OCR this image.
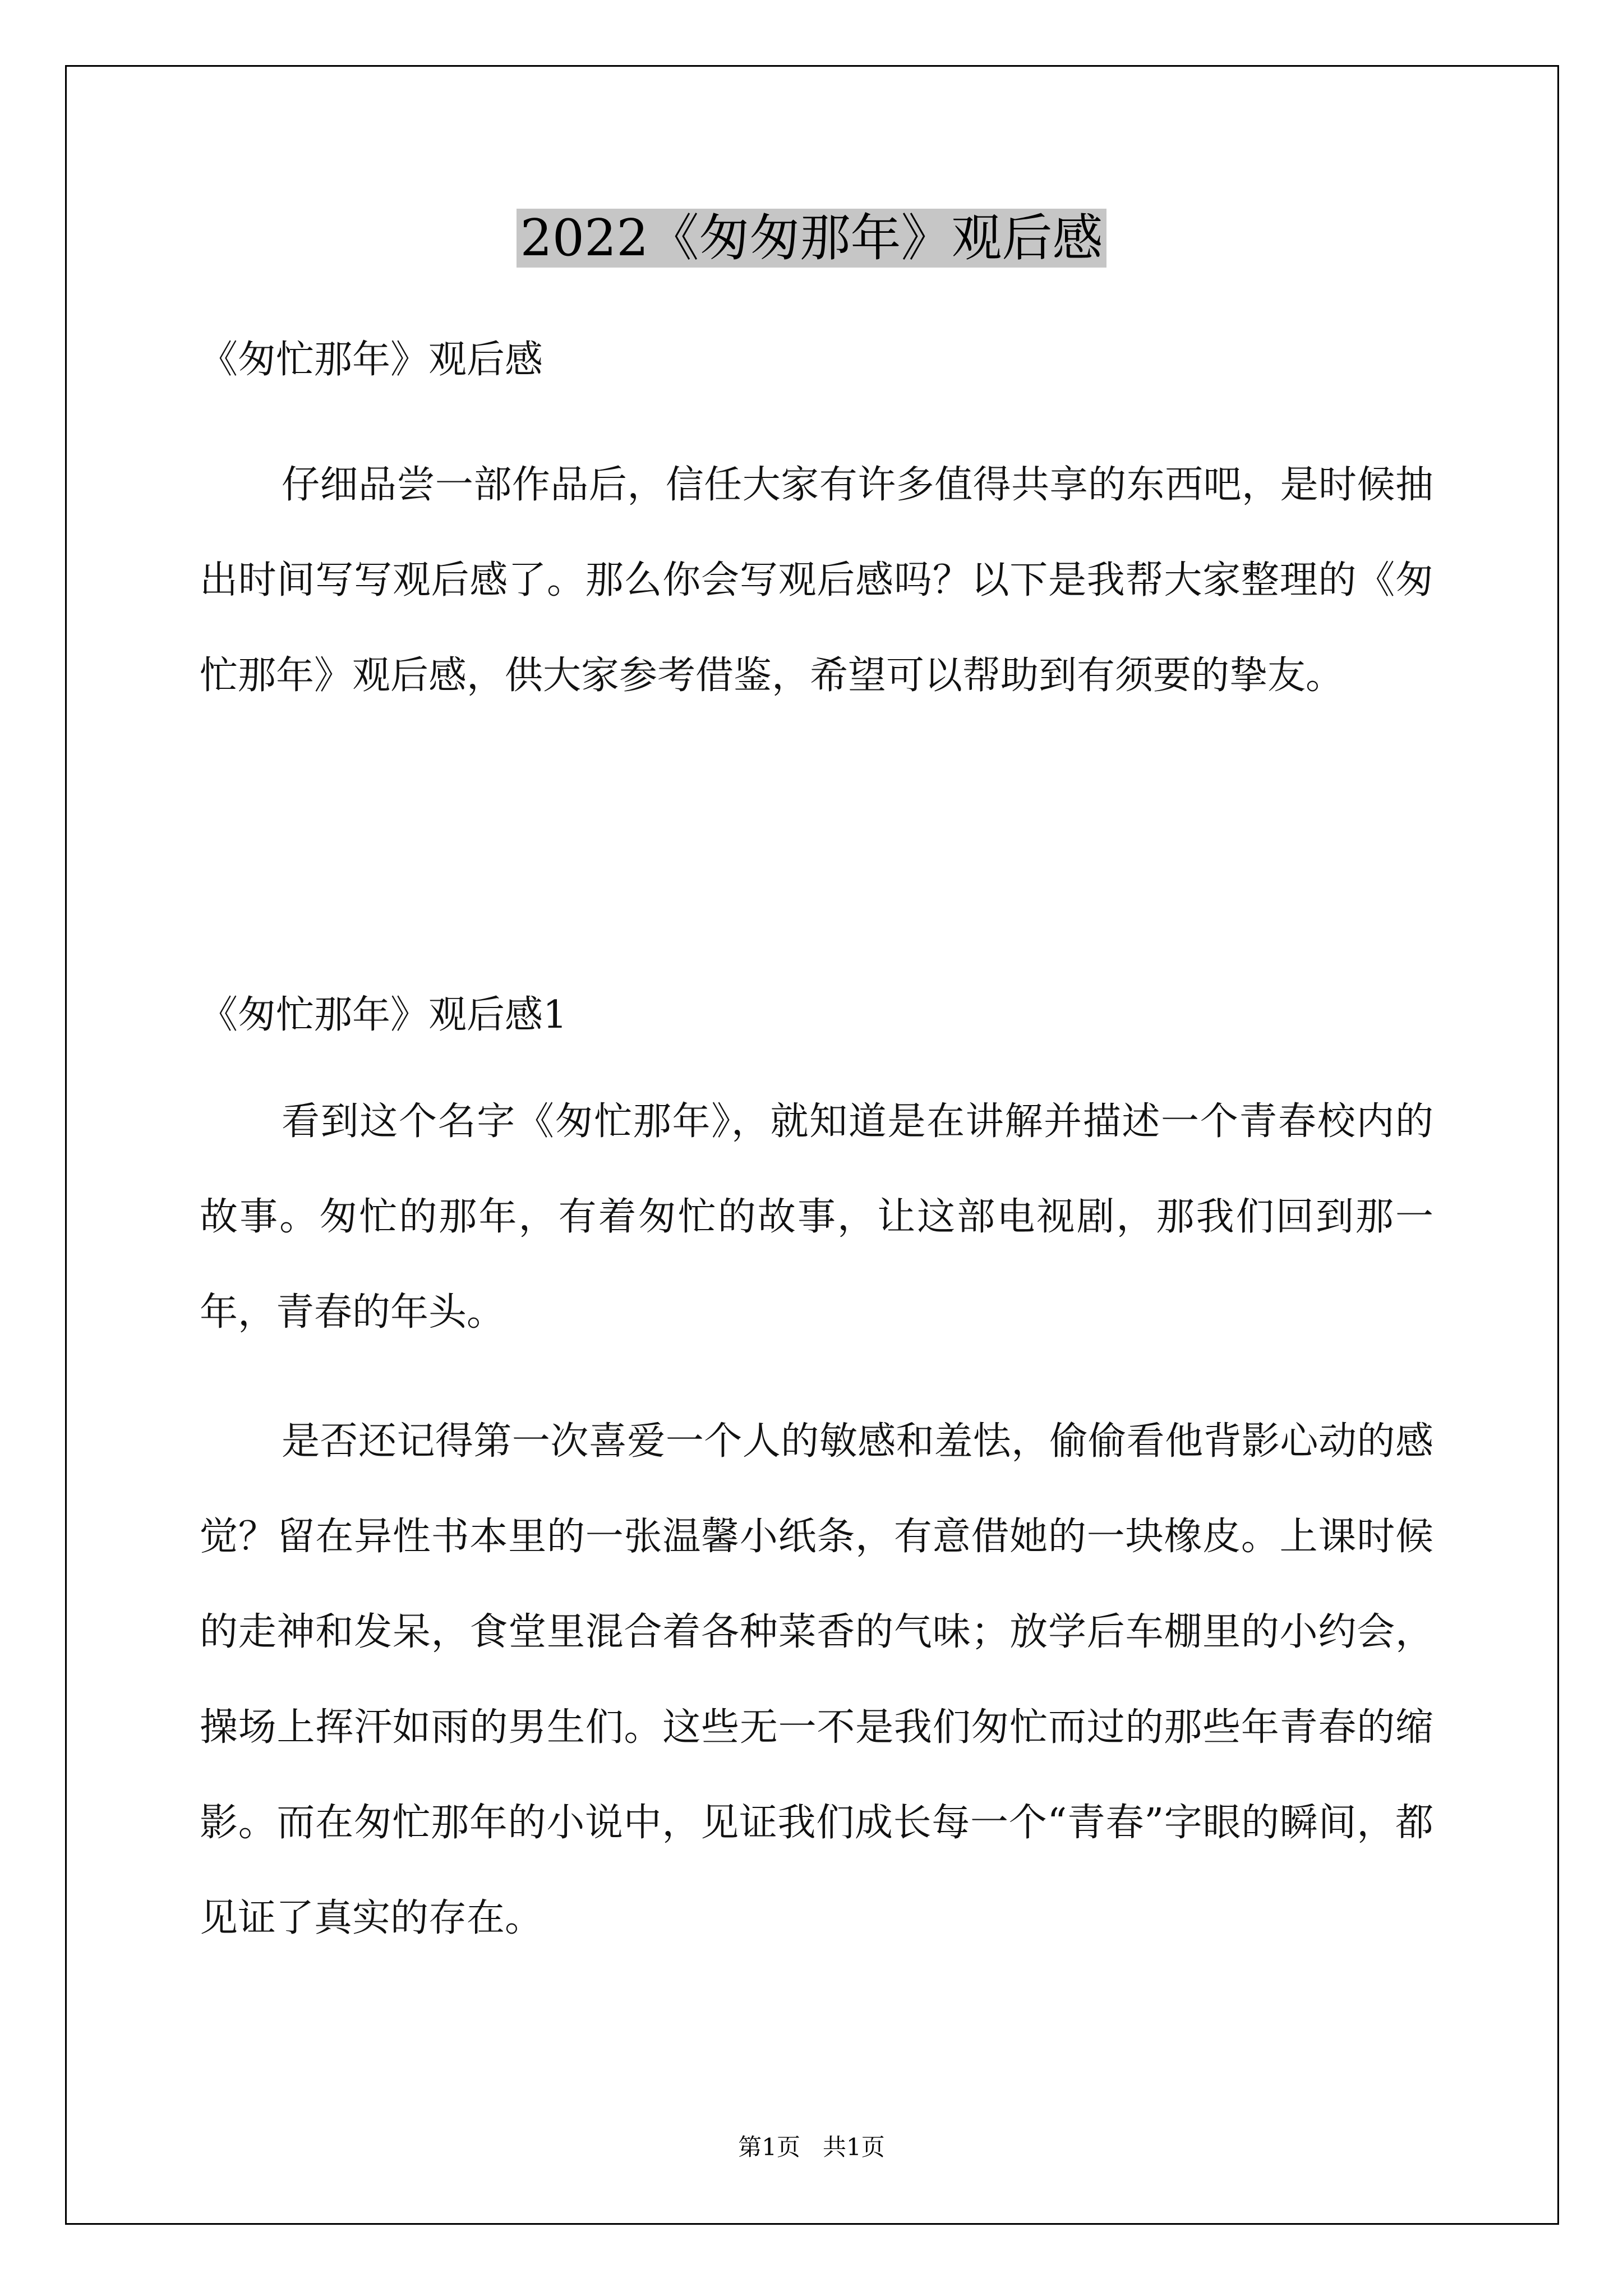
2022《匆匆那年》观后感

《匆忙那年》观后感

仔细品尝一部作品后，信任大家有许多值得共享的东西吧，是时候抽出时间写写观后感了。那么你会写观后感吗？以下是我帮大家整理的《匆忙那年》观后感，供大家参考借鉴，希望可以帮助到有须要的挚友。

《匆忙那年》观后感1

看到这个名字《匆忙那年》，就知道是在讲解并描述一个青春校内的故事。匆忙的那年，有着匆忙的故事，让这部电视剧，那我们回到那一年，青春的年头。

是否还记得第一次喜爱一个人的敏感和羞怯，偷偷看他背影心动的感觉？留在异性书本里的一张温馨小纸条，有意借她的一块橡皮。上课时候的走神和发呆，食堂里混合着各种菜香的气味；放学后车棚里的小约会，操场上挥汗如雨的男生们。这些无一不是我们匆忙而过的那些年青春的缩影。而在匆忙那年的小说中，见证我们成长每一个“青春”字眼的瞬间，都见证了真实的存在。

第1页 共1页
